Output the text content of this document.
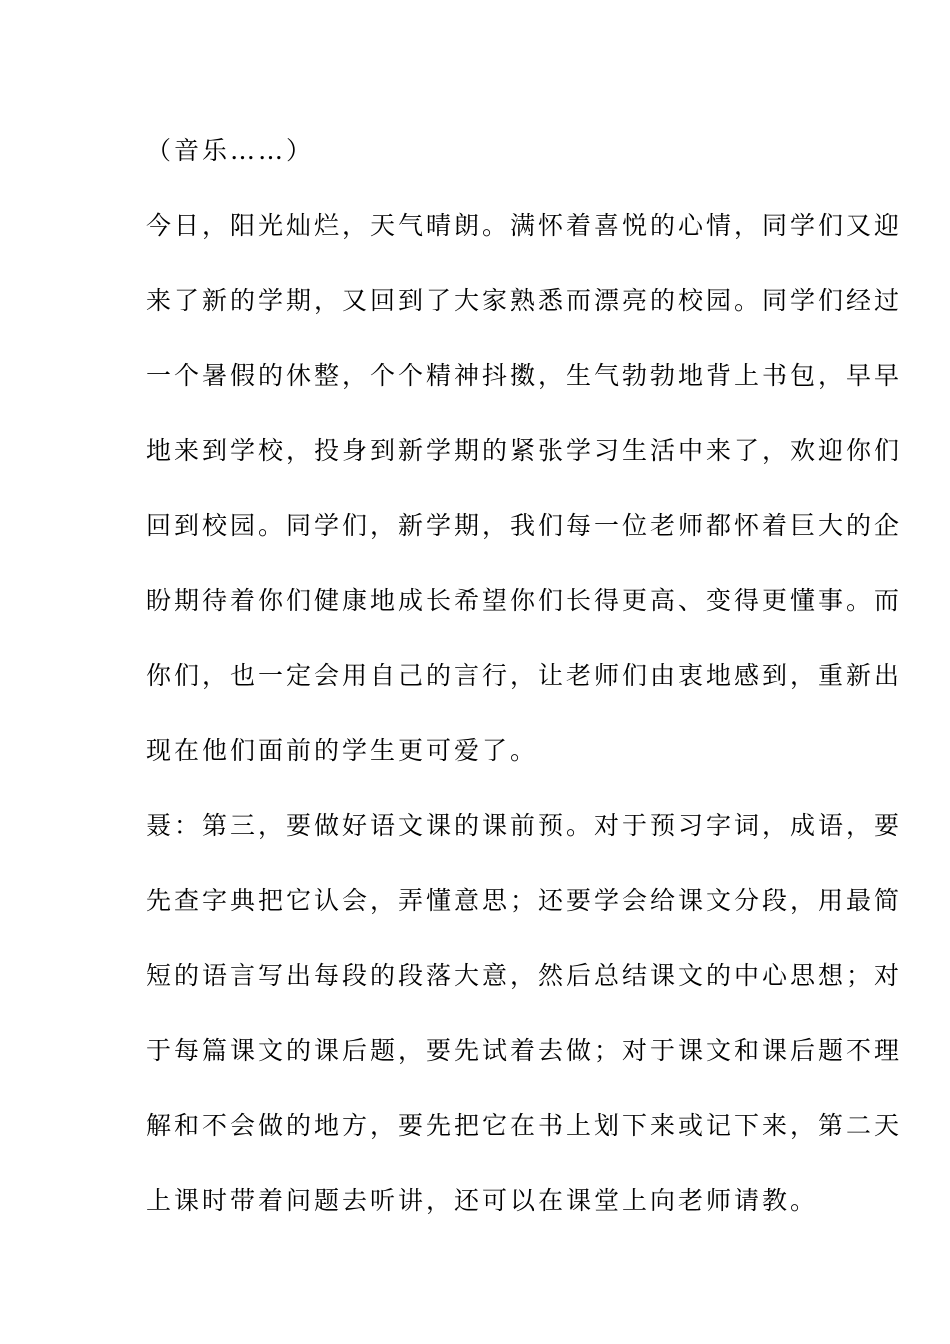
（音乐……）
今日，阳光灿烂，天气晴朗。满怀着喜悦的心情，同学们又迎
来了新的学期，又回到了大家熟悉而漂亮的校园。同学们经过
一个暑假的休整，个个精神抖擞，生气勃勃地背上书包，早早
地来到学校，投身到新学期的紧张学习生活中来了，欢迎你们
回到校园。同学们，新学期，我们每一位老师都怀着巨大的企
盼期待着你们健康地成长希望你们长得更高、变得更懂事。而
你们，也一定会用自己的言行，让老师们由衷地感到，重新出
现在他们面前的学生更可爱了。
聂：第三，要做好语文课的课前预。对于预习字词，成语，要
先查字典把它认会，弄懂意思；还要学会给课文分段，用最简
短的语言写出每段的段落大意，然后总结课文的中心思想；对
于每篇课文的课后题，要先试着去做；对于课文和课后题不理
解和不会做的地方，要先把它在书上划下来或记下来，第二天
上课时带着问题去听讲，还可以在课堂上向老师请教。
